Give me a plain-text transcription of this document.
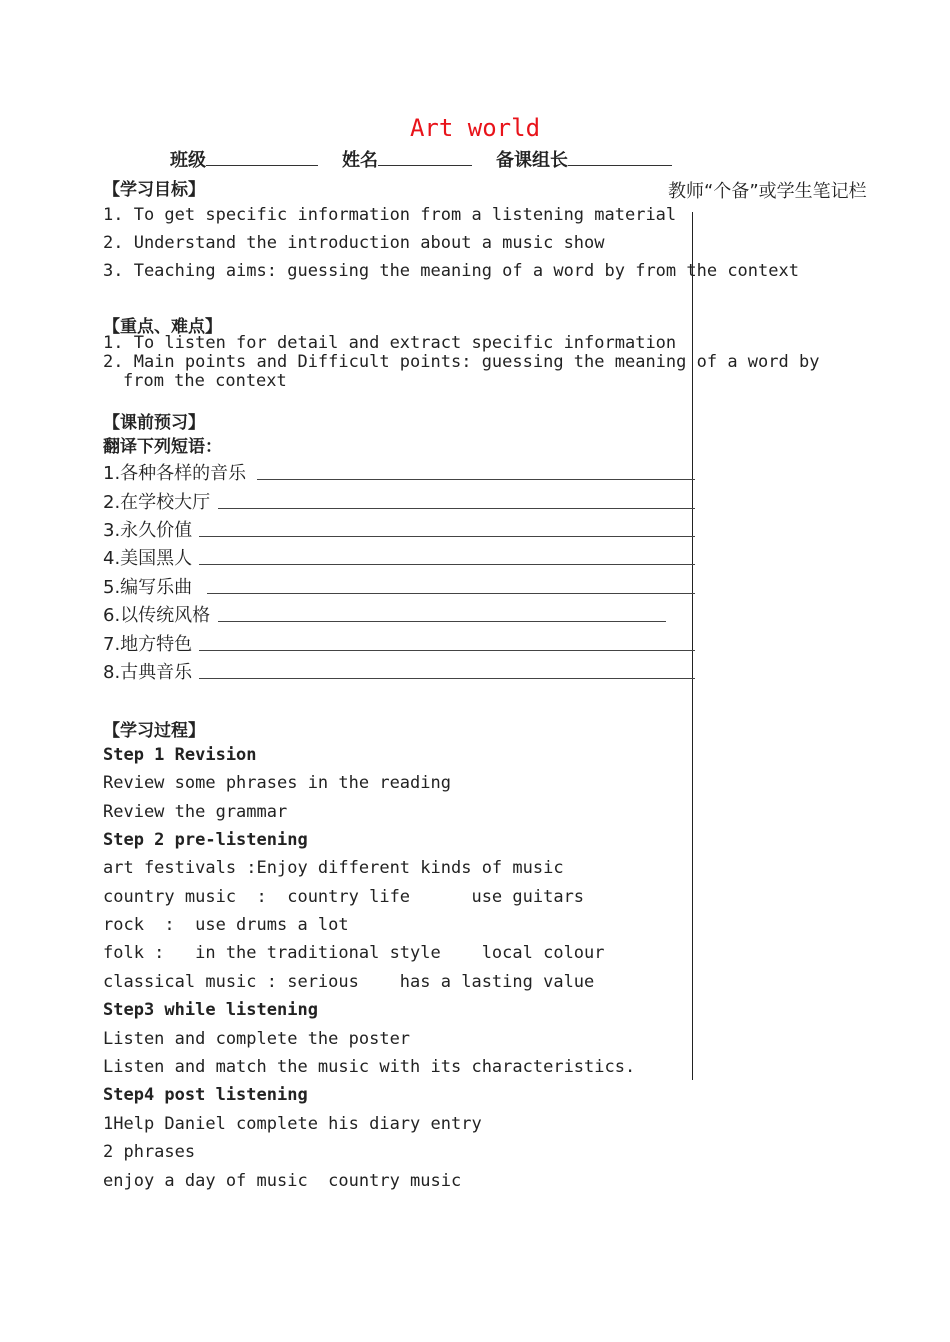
Art world
班级	姓名	备课组长
教师“个备”或学生笔记栏
【学习目标】
1. To get specific information from a listening material
2. Understand the introduction about a music show
3. Teaching aims: guessing the meaning of a word by from the context
【重点、难点】
1. To listen for detail and extract specific information
2. Main points and Difficult points: guessing the meaning of a word by
from the context
【课前预习】
翻译下列短语：
1.各种各样的音乐
2.在学校大厅
3.永久价值
4.美国黑人
5.编写乐曲
6.以传统风格
7.地方特色
8.古典音乐
【学习过程】
Step 1 Revision
Review some phrases in the reading
Review the grammar
Step 2 pre-listening
art festivals :Enjoy different kinds of music
country music  :  country life      use guitars
rock  :  use drums a lot
folk :   in the traditional style    local colour
classical music : serious    has a lasting value
Step3 while listening
Listen and complete the poster
Listen and match the music with its characteristics.
Step4 post listening
1Help Daniel complete his diary entry
2 phrases
enjoy a day of music  country music
